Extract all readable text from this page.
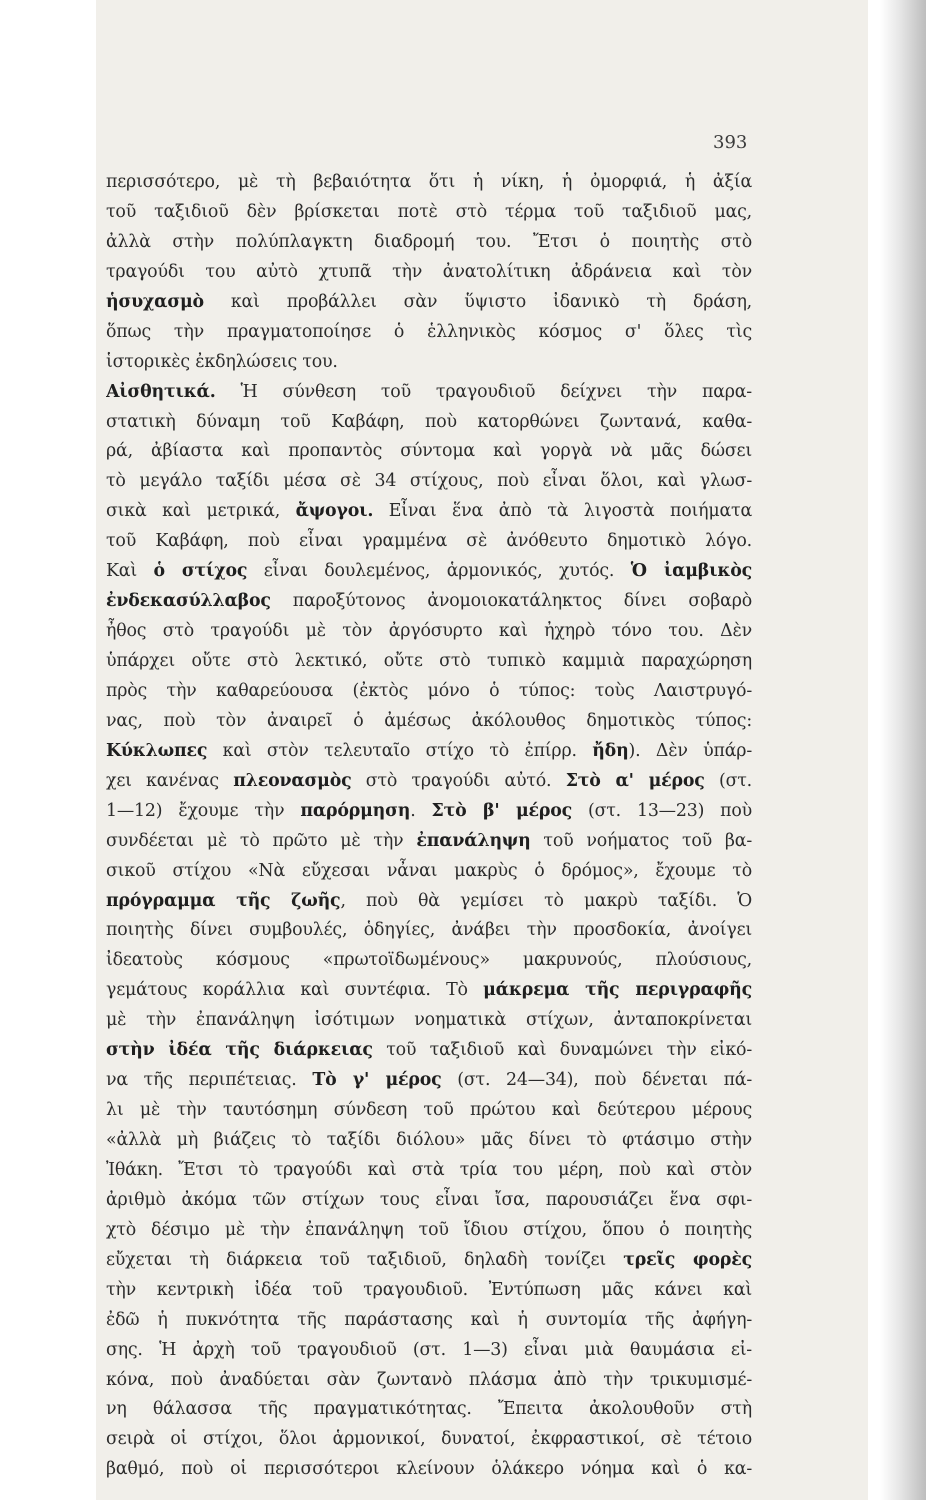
393
περισσότερο, μὲ τὴ βεβαιότητα ὅτι ἡ νίκη, ἡ ὀμορφιά, ἡ ἀξία
τοῦ ταξιδιοῦ δὲν βρίσκεται ποτὲ στὸ τέρμα τοῦ ταξιδιοῦ μας,
ἀλλὰ στὴν πολύπλαγκτη διαδρομή του. Ἔτσι ὁ ποιητὴς στὸ
τραγούδι του αὐτὸ χτυπᾶ τὴν ἀνατολίτικη ἀδράνεια καὶ τὸν
ἡσυχασμὸ καὶ προβάλλει σὰν ὕψιστο ἰδανικὸ τὴ δράση,
ὅπως τὴν πραγματοποίησε ὁ ἑλληνικὸς κόσμος σ' ὅλες τὶς
ἱστορικὲς ἐκδηλώσεις του.
Αἰσθητικά. Ἡ σύνθεση τοῦ τραγουδιοῦ δείχνει τὴν παρα-
στατικὴ δύναμη τοῦ Καβάφη, ποὺ κατορθώνει ζωντανά, καθα-
ρά, ἀβίαστα καὶ προπαντὸς σύντομα καὶ γοργὰ νὰ μᾶς δώσει
τὸ μεγάλο ταξίδι μέσα σὲ 34 στίχους, ποὺ εἶναι ὅλοι, καὶ γλωσ-
σικὰ καὶ μετρικά, ἄψογοι. Εἶναι ἕνα ἀπὸ τὰ λιγοστὰ ποιήματα
τοῦ Καβάφη, ποὺ εἶναι γραμμένα σὲ ἀνόθευτο δημοτικὸ λόγο.
Καὶ ὁ στίχος εἶναι δουλεμένος, ἁρμονικός, χυτός. Ὁ ἰαμβικὸς
ἐνδεκασύλλαβος παροξύτονος ἀνομοιοκατάληκτος δίνει σοβαρὸ
ἦθος στὸ τραγούδι μὲ τὸν ἀργόσυρτο καὶ ἠχηρὸ τόνο του. Δὲν
ὑπάρχει οὔτε στὸ λεκτικό, οὔτε στὸ τυπικὸ καμμιὰ παραχώρηση
πρὸς τὴν καθαρεύουσα (ἐκτὸς μόνο ὁ τύπος: τοὺς Λαιστρυγό-
νας, ποὺ τὸν ἀναιρεῖ ὁ ἀμέσως ἀκόλουθος δημοτικὸς τύπος:
Κύκλωπες καὶ στὸν τελευταῖο στίχο τὸ ἐπίρρ. ἤδη). Δὲν ὑπάρ-
χει κανένας πλεονασμὸς στὸ τραγούδι αὐτό. Στὸ α' μέρος (στ.
1—12) ἔχουμε τὴν παρόρμηση. Στὸ β' μέρος (στ. 13—23) ποὺ
συνδέεται μὲ τὸ πρῶτο μὲ τὴν ἐπανάληψη τοῦ νοήματος τοῦ βα-
σικοῦ στίχου «Νὰ εὔχεσαι νἆναι μακρὺς ὁ δρόμος», ἔχουμε τὸ
πρόγραμμα τῆς ζωῆς, ποὺ θὰ γεμίσει τὸ μακρὺ ταξίδι. Ὁ
ποιητὴς δίνει συμβουλές, ὁδηγίες, ἀνάβει τὴν προσδοκία, ἀνοίγει
ἰδεατοὺς κόσμους «πρωτοϊδωμένους» μακρυνούς, πλούσιους,
γεμάτους κοράλλια καὶ συντέφια. Τὸ μάκρεμα τῆς περιγραφῆς
μὲ τὴν ἐπανάληψη ἰσότιμων νοηματικὰ στίχων, ἀνταποκρίνεται
στὴν ἰδέα τῆς διάρκειας τοῦ ταξιδιοῦ καὶ δυναμώνει τὴν εἰκό-
να τῆς περιπέτειας. Τὸ γ' μέρος (στ. 24—34), ποὺ δένεται πά-
λι μὲ τὴν ταυτόσημη σύνδεση τοῦ πρώτου καὶ δεύτερου μέρους
«ἀλλὰ μὴ βιάζεις τὸ ταξίδι διόλου» μᾶς δίνει τὸ φτάσιμο στὴν
Ἰθάκη. Ἔτσι τὸ τραγούδι καὶ στὰ τρία του μέρη, ποὺ καὶ στὸν
ἀριθμὸ ἀκόμα τῶν στίχων τους εἶναι ἴσα, παρουσιάζει ἕνα σφι-
χτὸ δέσιμο μὲ τὴν ἐπανάληψη τοῦ ἴδιου στίχου, ὅπου ὁ ποιητὴς
εὔχεται τὴ διάρκεια τοῦ ταξιδιοῦ, δηλαδὴ τονίζει τρεῖς φορὲς
τὴν κεντρικὴ ἰδέα τοῦ τραγουδιοῦ. Ἐντύπωση μᾶς κάνει καὶ
ἐδῶ ἡ πυκνότητα τῆς παράστασης καὶ ἡ συντομία τῆς ἀφήγη-
σης. Ἡ ἀρχὴ τοῦ τραγουδιοῦ (στ. 1—3) εἶναι μιὰ θαυμάσια εἰ-
κόνα, ποὺ ἀναδύεται σὰν ζωντανὸ πλάσμα ἀπὸ τὴν τρικυμισμέ-
νη θάλασσα τῆς πραγματικότητας. Ἔπειτα ἀκολουθοῦν στὴ
σειρὰ οἱ στίχοι, ὅλοι ἁρμονικοί, δυνατοί, ἐκφραστικοί, σὲ τέτοιο
βαθμό, ποὺ οἱ περισσότεροι κλείνουν ὁλάκερο νόημα καὶ ὁ κα-
